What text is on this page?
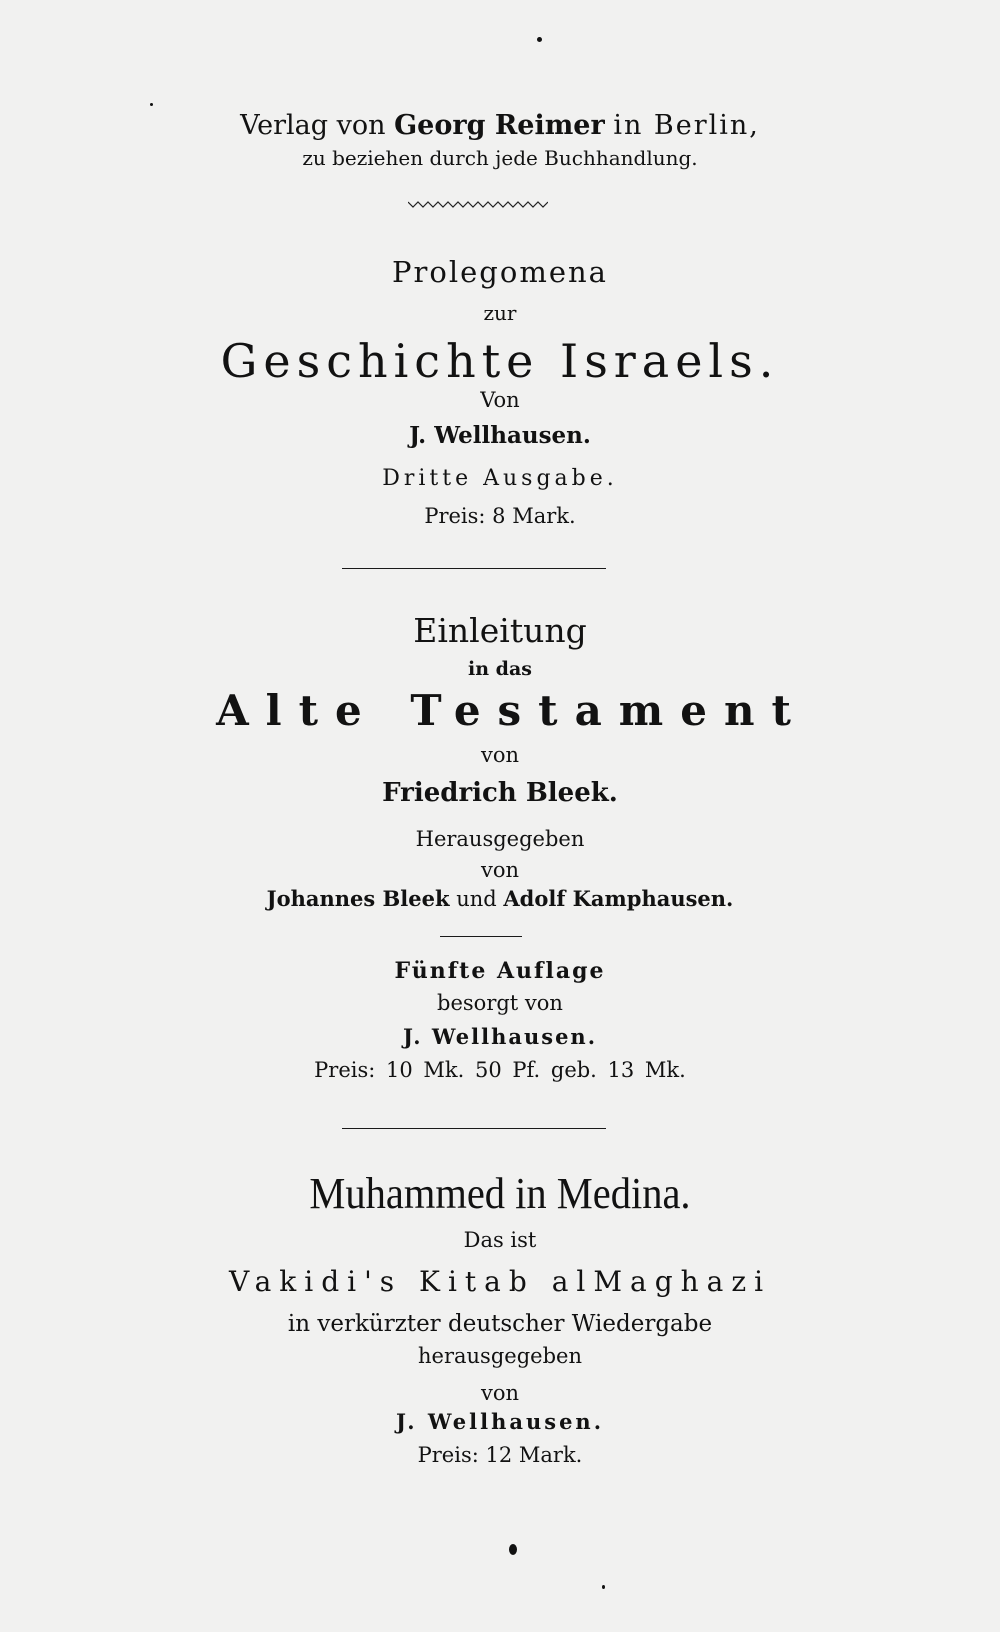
Verlag von Georg Reimer in Berlin,
zu beziehen durch jede Buchhandlung.
Prolegomena
zur
Geschichte Israels.
Von
J. Wellhausen.
Dritte Ausgabe.
Preis: 8 Mark.
Einleitung
in das
Alte Testament
von
Friedrich Bleek.
Herausgegeben
von
Johannes Bleek und Adolf Kamphausen.
Fünfte Auflage
besorgt von
J. Wellhausen.
Preis: 10 Mk. 50 Pf. geb. 13 Mk.
Muhammed in Medina.
Das ist
Vakidi's Kitab alMaghazi
in verkürzter deutscher Wiedergabe
herausgegeben
von
J. Wellhausen.
Preis: 12 Mark.
